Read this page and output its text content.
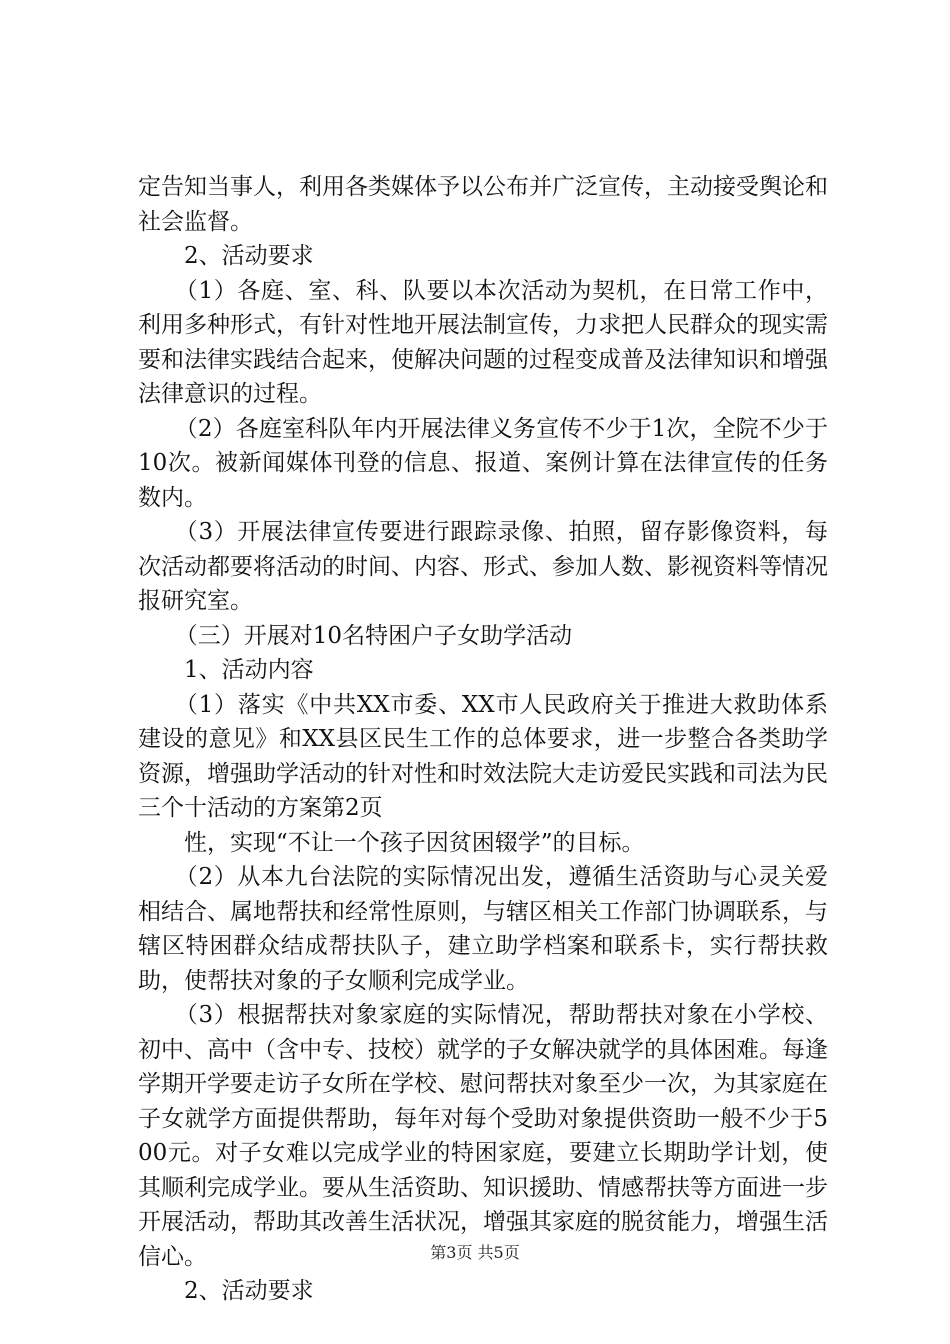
定告知当事人，利用各类媒体予以公布并广泛宣传，主动接受舆论和社会监督。

2、活动要求

（1）各庭、室、科、队要以本次活动为契机，在日常工作中，利用多种形式，有针对性地开展法制宣传，力求把人民群众的现实需要和法律实践结合起来，使解决问题的过程变成普及法律知识和增强法律意识的过程。

（2）各庭室科队年内开展法律义务宣传不少于1次，全院不少于10次。被新闻媒体刊登的信息、报道、案例计算在法律宣传的任务数内。

（3）开展法律宣传要进行跟踪录像、拍照，留存影像资料，每次活动都要将活动的时间、内容、形式、参加人数、影视资料等情况报研究室。

（三）开展对10名特困户子女助学活动

1、活动内容

（1）落实《中共XX市委、XX市人民政府关于推进大救助体系建设的意见》和XX县区民生工作的总体要求，进一步整合各类助学资源，增强助学活动的针对性和时效法院大走访爱民实践和司法为民三个十活动的方案第2页

性，实现“不让一个孩子因贫困辍学”的目标。

（2）从本九台法院的实际情况出发，遵循生活资助与心灵关爱相结合、属地帮扶和经常性原则，与辖区相关工作部门协调联系，与辖区特困群众结成帮扶队子，建立助学档案和联系卡，实行帮扶救助，使帮扶对象的子女顺利完成学业。

（3）根据帮扶对象家庭的实际情况，帮助帮扶对象在小学校、初中、高中（含中专、技校）就学的子女解决就学的具体困难。每逢学期开学要走访子女所在学校、慰问帮扶对象至少一次，为其家庭在子女就学方面提供帮助，每年对每个受助对象提供资助一般不少于500元。对子女难以完成学业的特困家庭，要建立长期助学计划，使其顺利完成学业。要从生活资助、知识援助、情感帮扶等方面进一步开展活动，帮助其改善生活状况，增强其家庭的脱贫能力，增强生活信心。

2、活动要求

第3页 共5页
